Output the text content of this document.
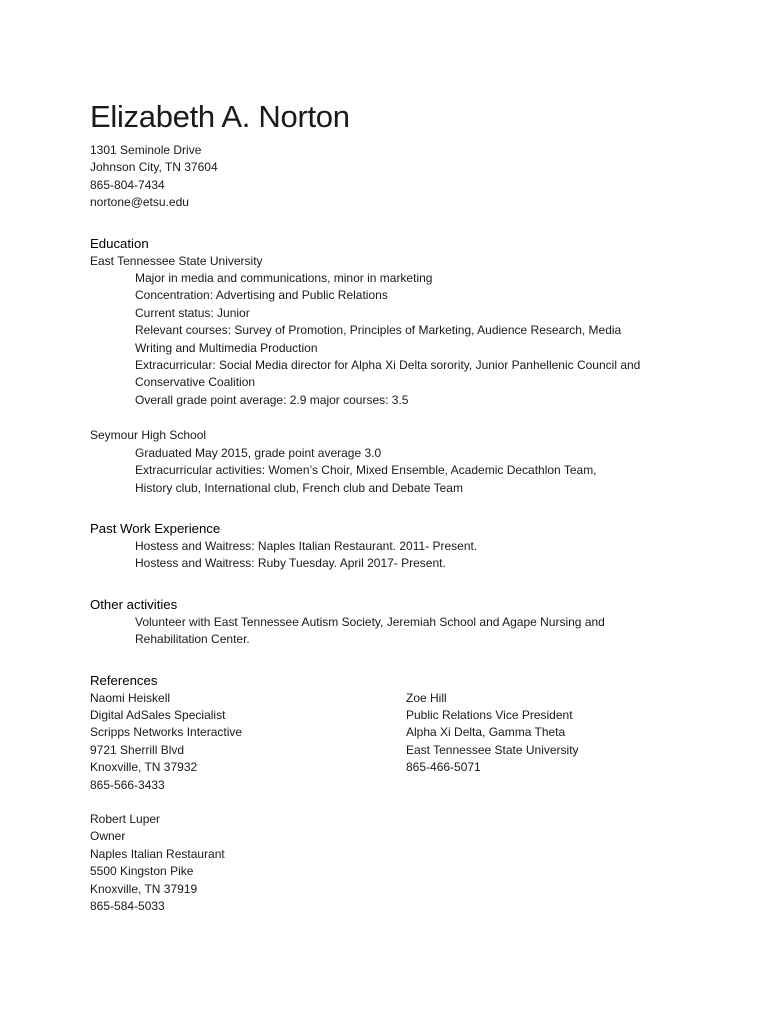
Elizabeth A. Norton
1301 Seminole Drive
Johnson City, TN 37604
865-804-7434
nortone@etsu.edu
Education
East Tennessee State University
Major in media and communications, minor in marketing
Concentration: Advertising and Public Relations
Current status: Junior
Relevant courses: Survey of Promotion, Principles of Marketing, Audience Research, Media
Writing and Multimedia Production
Extracurricular: Social Media director for Alpha Xi Delta sorority, Junior Panhellenic Council and
Conservative Coalition
Overall grade point average: 2.9 major courses: 3.5
Seymour High School
Graduated May 2015, grade point average 3.0
Extracurricular activities: Women’s Choir, Mixed Ensemble, Academic Decathlon Team,
History club, International club, French club and Debate Team
Past Work Experience
Hostess and Waitress: Naples Italian Restaurant. 2011- Present.
Hostess and Waitress: Ruby Tuesday. April 2017- Present.
Other activities
Volunteer with East Tennessee Autism Society, Jeremiah School and Agape Nursing and
Rehabilitation Center.
References
Naomi Heiskell
Digital AdSales Specialist
Scripps Networks Interactive
9721 Sherrill Blvd
Knoxville, TN 37932
865-566-3433
Robert Luper
Owner
Naples Italian Restaurant
5500 Kingston Pike
Knoxville, TN 37919
865-584-5033
Zoe Hill
Public Relations Vice President
Alpha Xi Delta, Gamma Theta
East Tennessee State University
865-466-5071
